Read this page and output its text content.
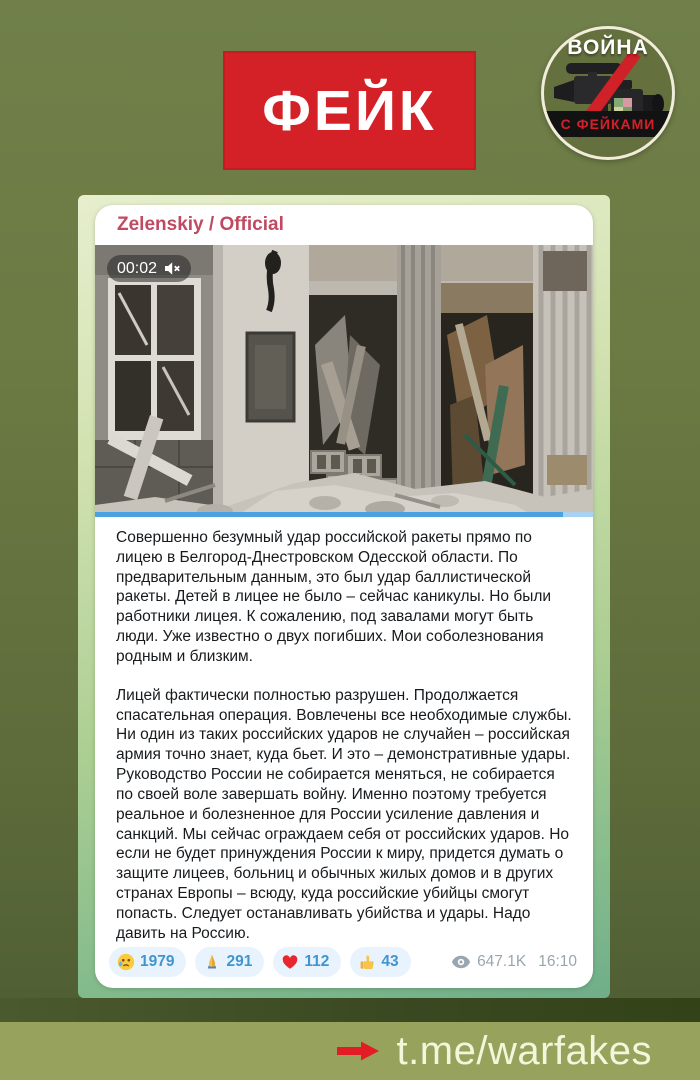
ФЕЙК
ВОЙНА
С ФЕЙКАМИ
Zelenskiy / Official
00:02

Совершенно безумный удар российской ракеты прямо по лицею в Белгород-Днестровском Одесской области. По предварительным данным, это был удар баллистической ракеты. Детей в лицее не было – сейчас каникулы. Но были работники лицея. К сожалению, под завалами могут быть люди. Уже известно о двух погибших. Мои соболезнования родным и близким.

Лицей фактически полностью разрушен. Продолжается спасательная операция. Вовлечены все необходимые службы. Ни один из таких российских ударов не случайен – российская армия точно знает, куда бьет. И это – демонстративные удары. Руководство России не собирается меняться, не собирается по своей воле завершать войну. Именно поэтому требуется реальное и болезненное для России усиление давления и санкций. Мы сейчас ограждаем себя от российских ударов. Но если не будет принуждения России к миру, придется думать о защите лицеев, больниц и обычных жилых домов и в других странах Европы – всюду, куда российские убийцы смогут попасть. Следует останавливать убийства и удары. Надо давить на Россию.

1979	291	112	43	647.1K 16:10
t.me/warfakes
